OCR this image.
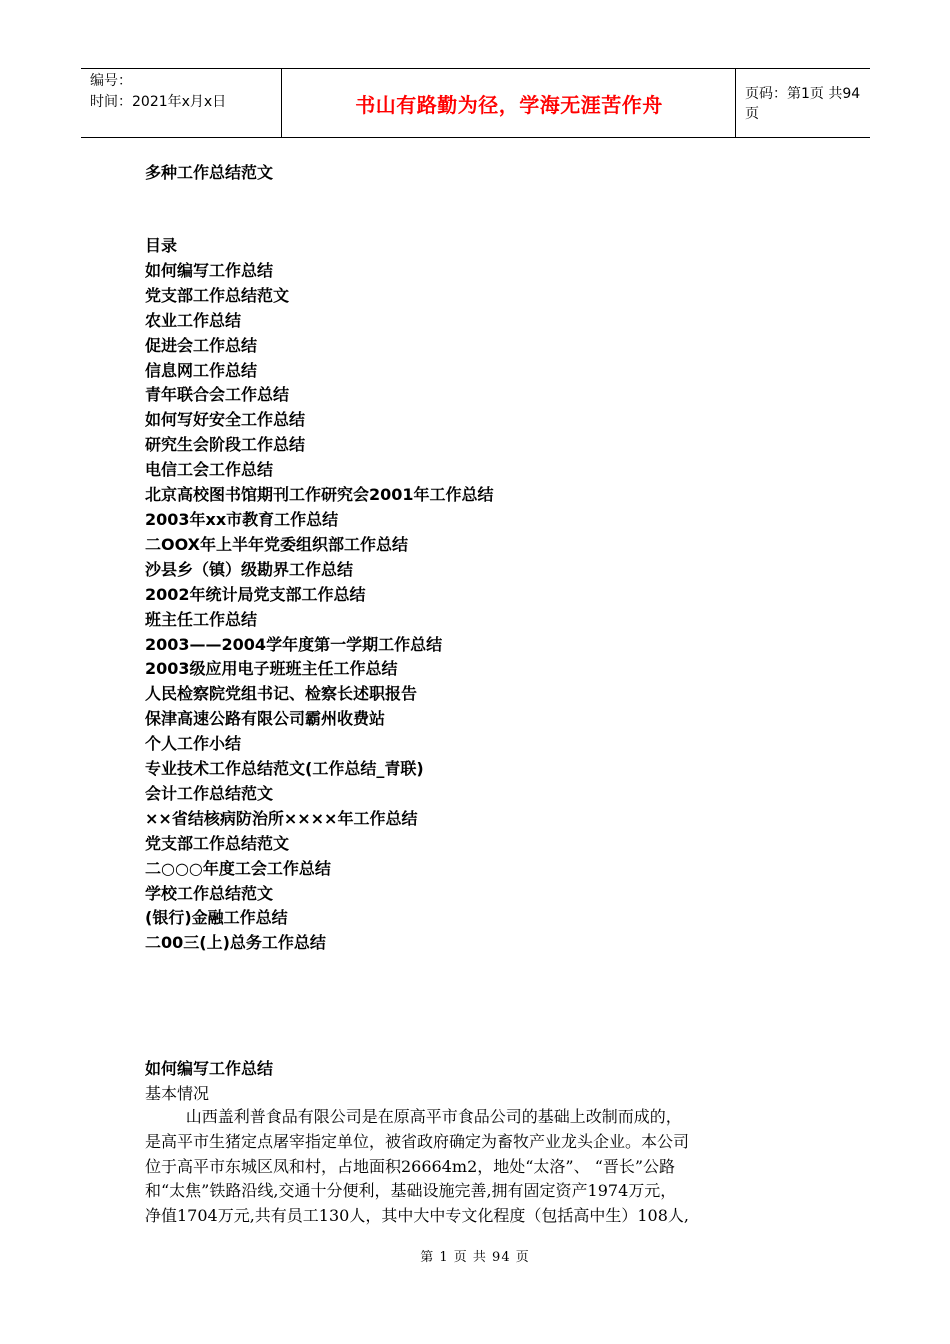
编号：
时间：2021年x月x日	书山有路勤为径，学海无涯苦作舟	页码：第1页 共94页
多种工作总结范文
目录
如何编写工作总结
党支部工作总结范文
农业工作总结
促进会工作总结
信息网工作总结
青年联合会工作总结
如何写好安全工作总结
研究生会阶段工作总结
电信工会工作总结
北京高校图书馆期刊工作研究会2001年工作总结
2003年xx市教育工作总结
二OOX年上半年党委组织部工作总结
沙县乡（镇）级勘界工作总结
2002年统计局党支部工作总结
班主任工作总结
2003——2004学年度第一学期工作总结
2003级应用电子班班主任工作总结
人民检察院党组书记、检察长述职报告
保津高速公路有限公司霸州收费站
个人工作小结
专业技术工作总结范文(工作总结_青联)
会计工作总结范文
××省结核病防治所××××年工作总结
党支部工作总结范文
二○○○年度工会工作总结
学校工作总结范文
(银行)金融工作总结
二00三(上)总务工作总结
如何编写工作总结
基本情况
山西盖利普食品有限公司是在原高平市食品公司的基础上改制而成的，
是高平市生猪定点屠宰指定单位，被省政府确定为畜牧产业龙头企业。本公司
位于高平市东城区凤和村，占地面积26664m2，地处“太洛”、 “晋长”公路
和“太焦”铁路沿线,交通十分便利，基础设施完善,拥有固定资产1974万元，
净值1704万元,共有员工130人，其中大中专文化程度（包括高中生）108人,
第 1 页 共 94 页
